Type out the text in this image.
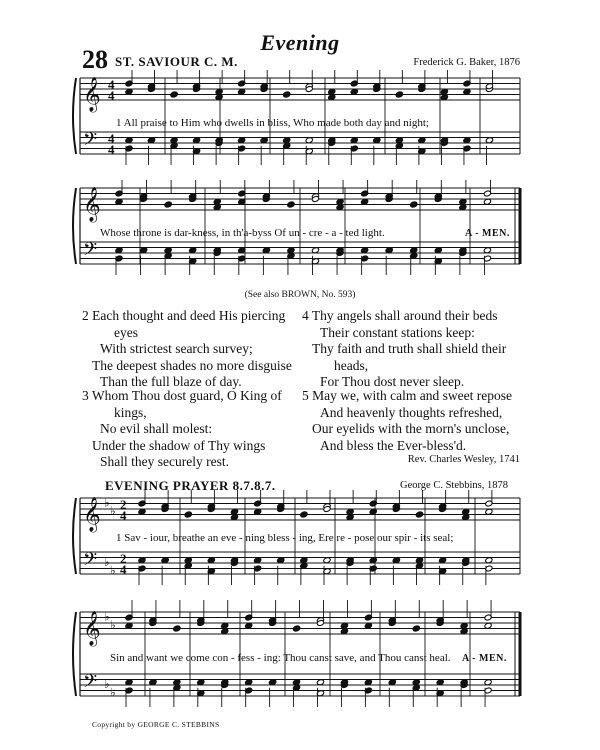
Evening
28 ST. SAVIOUR C. M.	Frederick G. Baker, 1876
𝄞
𝄢
4
4
4
4
1 All praise to Him who dwells in bliss, Who made both day and night;
𝄞
𝄢
Whose throne is dar-kness, in th'a-byss Of un - cre - a - ted light.	A - MEN.
(See also BROWN, No. 593)
2 Each thought and deed His piercing
eyes
With strictest search survey;
The deepest shades no more disguise
Than the full blaze of day.
3 Whom Thou dost guard, O King of
kings,
No evil shall molest:
Under the shadow of Thy wings
Shall they securely rest.
4 Thy angels shall around their beds
Their constant stations keep:
Thy faith and truth shall shield their
heads,
For Thou dost never sleep.
5 May we, with calm and sweet repose
And heavenly thoughts refreshed,
Our eyelids with the morn's unclose,
And bless the Ever-bless'd.
Rev. Charles Wesley, 1741
EVENING PRAYER 8.7.8.7.	George C. Stebbins, 1878
𝄞
𝄢
♭
♭
♭
♭
2
4
2
4
1 Sav - iour, breathe an eve - ning bless - ing, Ere re - pose our spir - its seal;
𝄞
𝄢
♭
♭
♭
♭
Sin and want we come con - fess - ing: Thou canst save, and Thou canst heal. A - MEN.
Copyright by GEORGE C. STEBBINS
